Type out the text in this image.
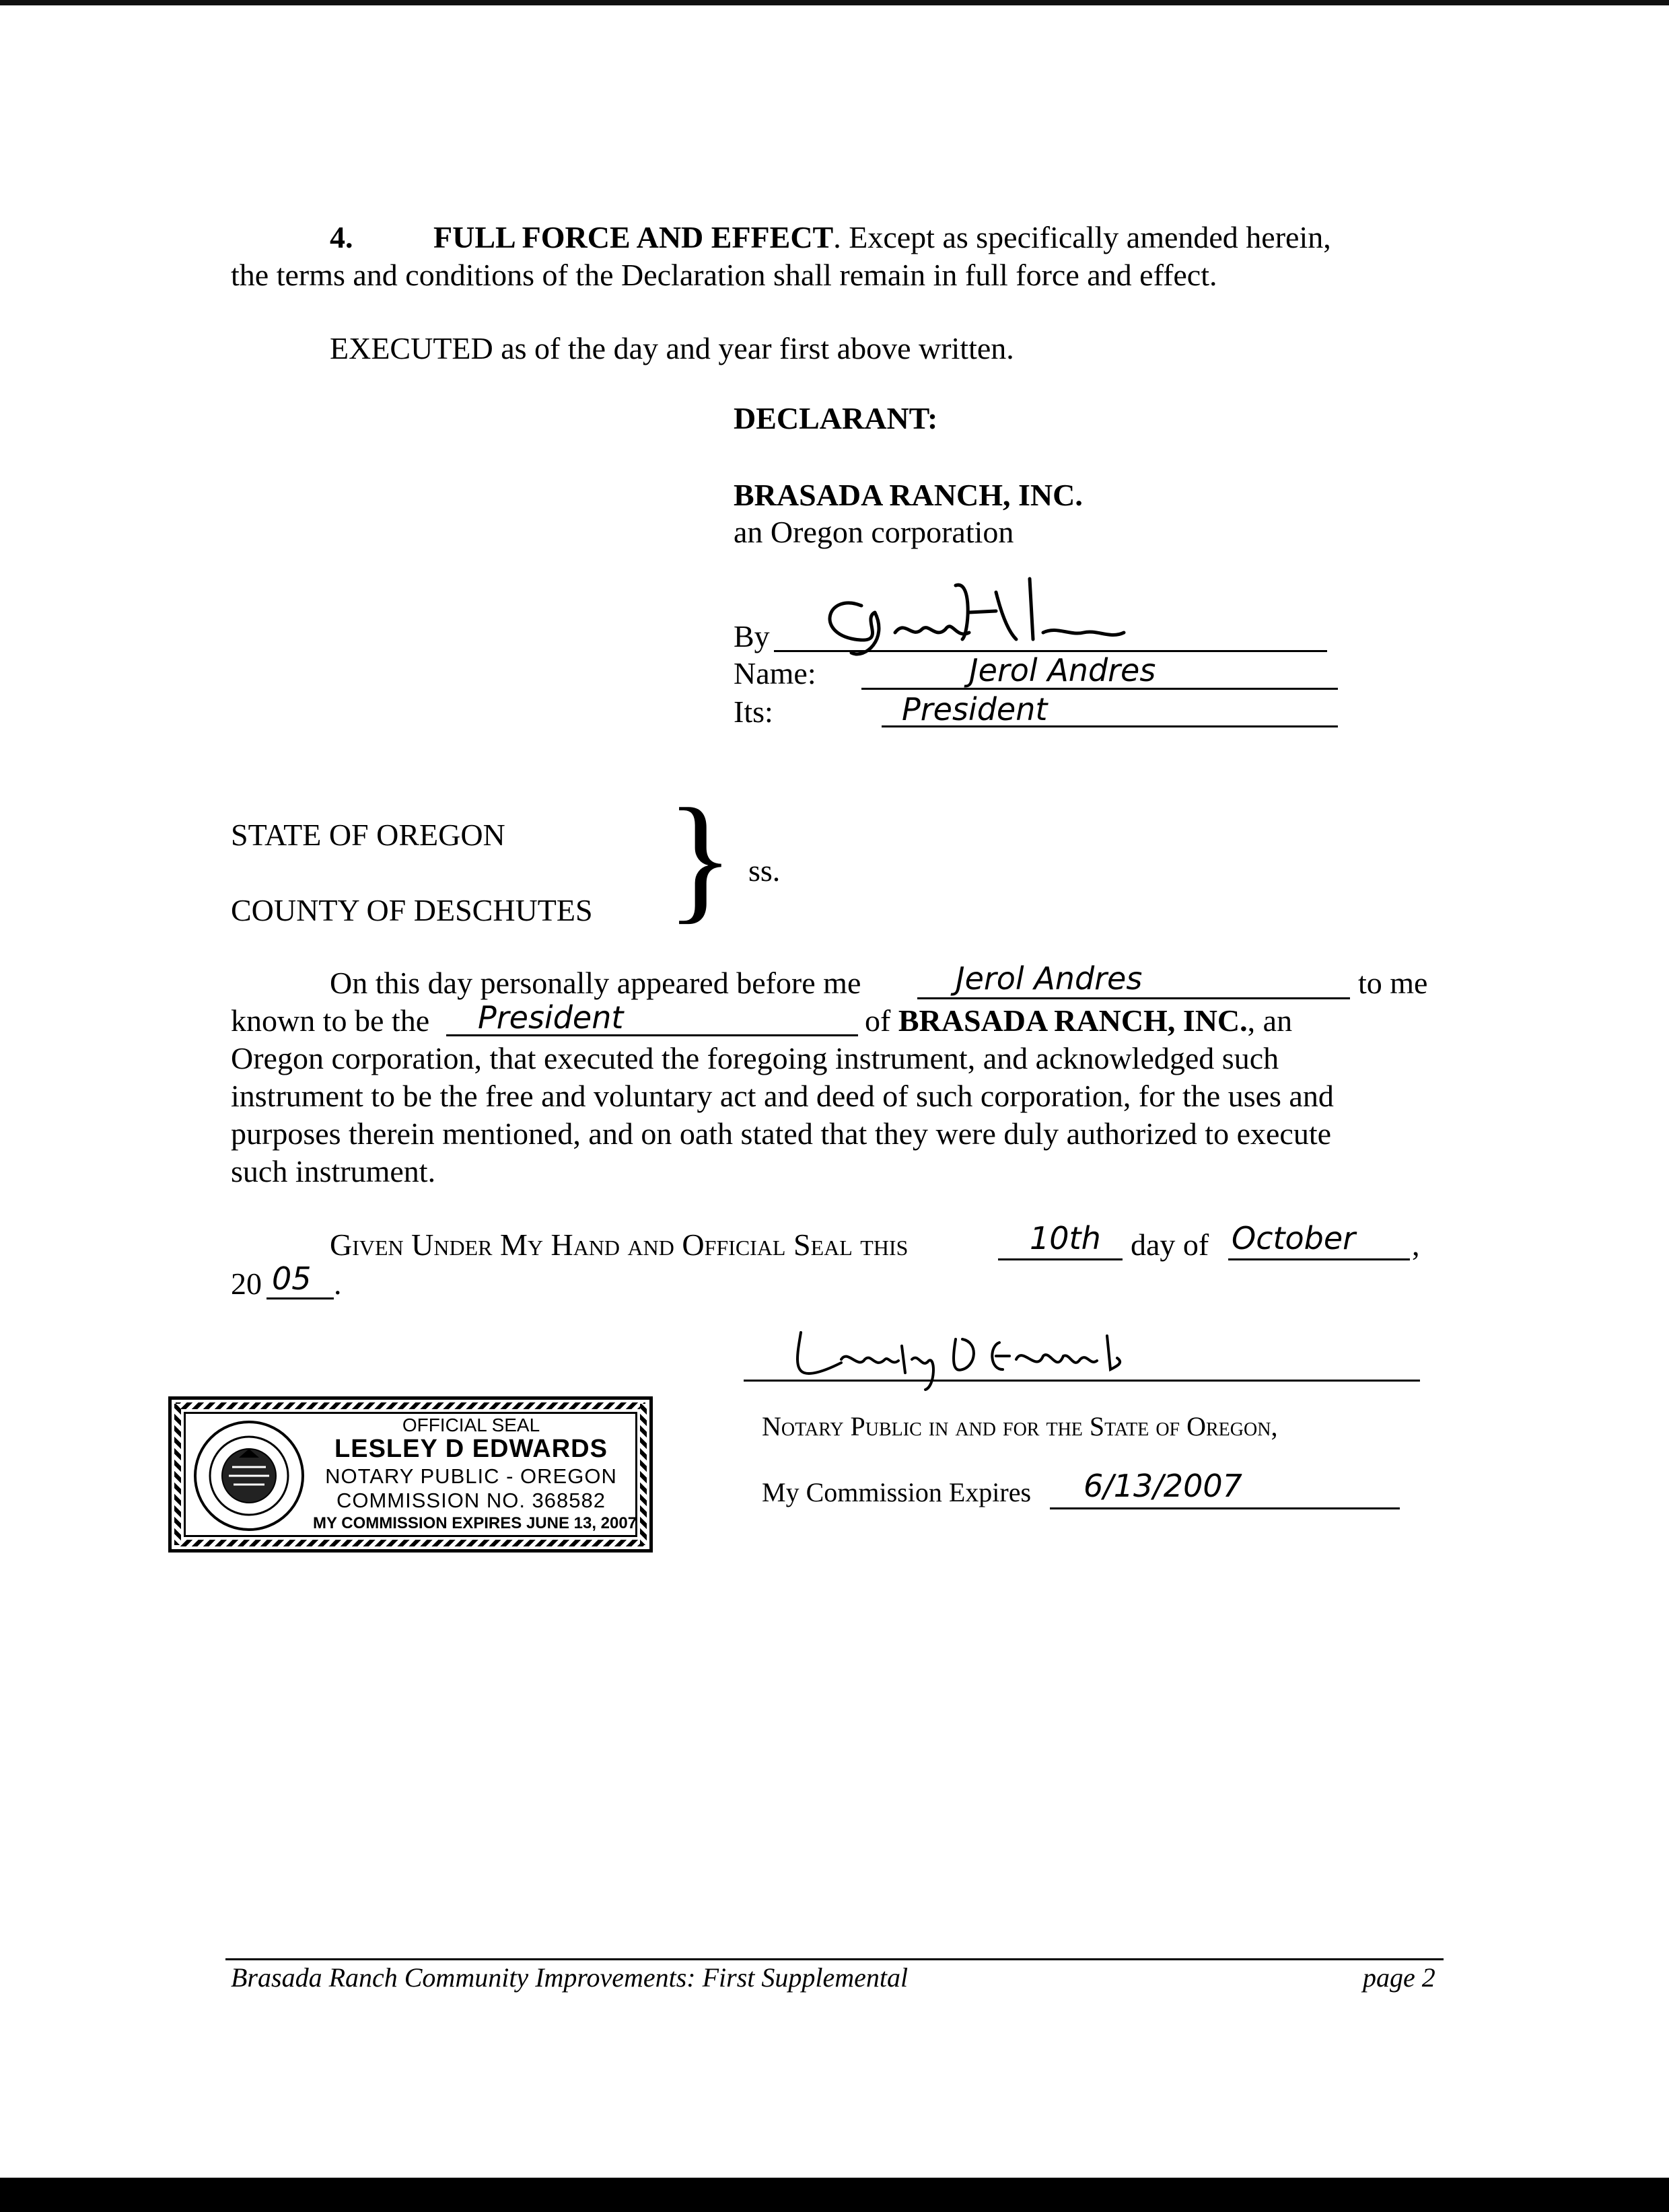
4.	FULL FORCE AND EFFECT. Except as specifically amended herein,
the terms and conditions of the Declaration shall remain in full force and effect.
EXECUTED as of the day and year first above written.
DECLARANT:
BRASADA RANCH, INC.
an Oregon corporation
By
Name:	Jerol Andres
Its:	President
STATE OF OREGON
COUNTY OF DESCHUTES } ss.
On this day personally appeared before me	Jerol Andres	to me
known to be the President	of BRASADA RANCH, INC., an
Oregon corporation, that executed the foregoing instrument, and acknowledged such
instrument to be the free and voluntary act and deed of such corporation, for the uses and
purposes therein mentioned, and on oath stated that they were duly authorized to execute
such instrument.
Given Under My Hand and Official Seal this	10th day of October ,
20 05 .
Notary Public in and for the State of Oregon,
My Commission Expires 6/13/2007
OFFICIAL SEAL
LESLEY D EDWARDS
NOTARY PUBLIC - OREGON
COMMISSION NO. 368582
MY COMMISSION EXPIRES JUNE 13, 2007
Brasada Ranch Community Improvements: First Supplemental	page 2
